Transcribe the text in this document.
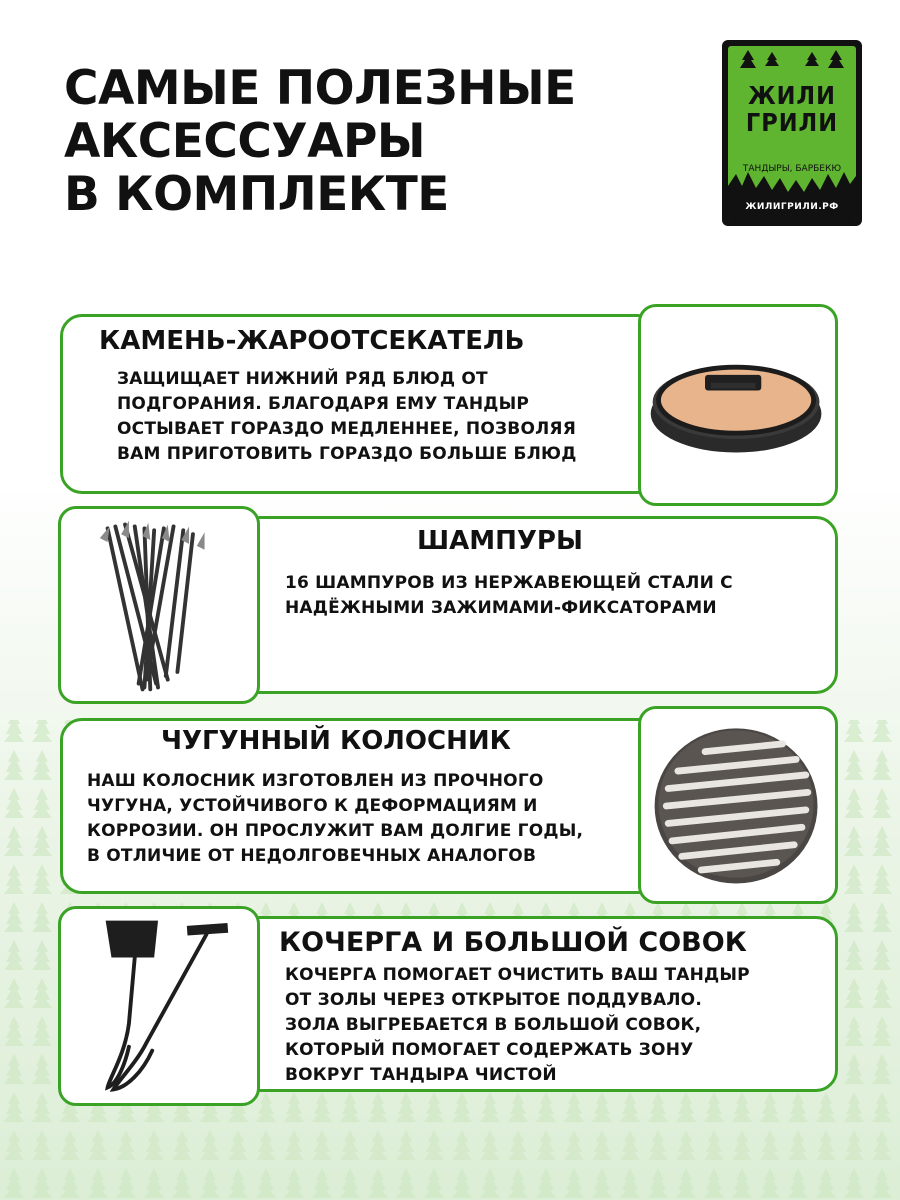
САМЫЕ ПОЛЕЗНЫЕ
АКСЕССУАРЫ
В КОМПЛЕКТЕ
ЖИЛИ
ГРИЛИ
ТАНДЫРЫ, БАРБЕКЮ
ЖИЛИГРИЛИ.РФ
КАМЕНЬ-ЖАРООТСЕКАТЕЛЬ

ЗАЩИЩАЕТ НИЖНИЙ РЯД БЛЮД ОТ
ПОДГОРАНИЯ. БЛАГОДАРЯ ЕМУ ТАНДЫР
ОСТЫВАЕТ ГОРАЗДО МЕДЛЕННЕЕ, ПОЗВОЛЯЯ
ВАМ ПРИГОТОВИТЬ ГОРАЗДО БОЛЬШЕ БЛЮД

ШАМПУРЫ

16 ШАМПУРОВ ИЗ НЕРЖАВЕЮЩЕЙ СТАЛИ С
НАДЁЖНЫМИ ЗАЖИМАМИ-ФИКСАТОРАМИ

ЧУГУННЫЙ КОЛОСНИК

НАШ КОЛОСНИК ИЗГОТОВЛЕН ИЗ ПРОЧНОГО
ЧУГУНА, УСТОЙЧИВОГО К ДЕФОРМАЦИЯМ И
КОРРОЗИИ. ОН ПРОСЛУЖИТ ВАМ ДОЛГИЕ ГОДЫ,
В ОТЛИЧИЕ ОТ НЕДОЛГОВЕЧНЫХ АНАЛОГОВ

КОЧЕРГА И БОЛЬШОЙ СОВОК

КОЧЕРГА ПОМОГАЕТ ОЧИСТИТЬ ВАШ ТАНДЫР
ОТ ЗОЛЫ ЧЕРЕЗ ОТКРЫТОЕ ПОДДУВАЛО.
ЗОЛА ВЫГРЕБАЕТСЯ В БОЛЬШОЙ СОВОК,
КОТОРЫЙ ПОМОГАЕТ СОДЕРЖАТЬ ЗОНУ
ВОКРУГ ТАНДЫРА ЧИСТОЙ
